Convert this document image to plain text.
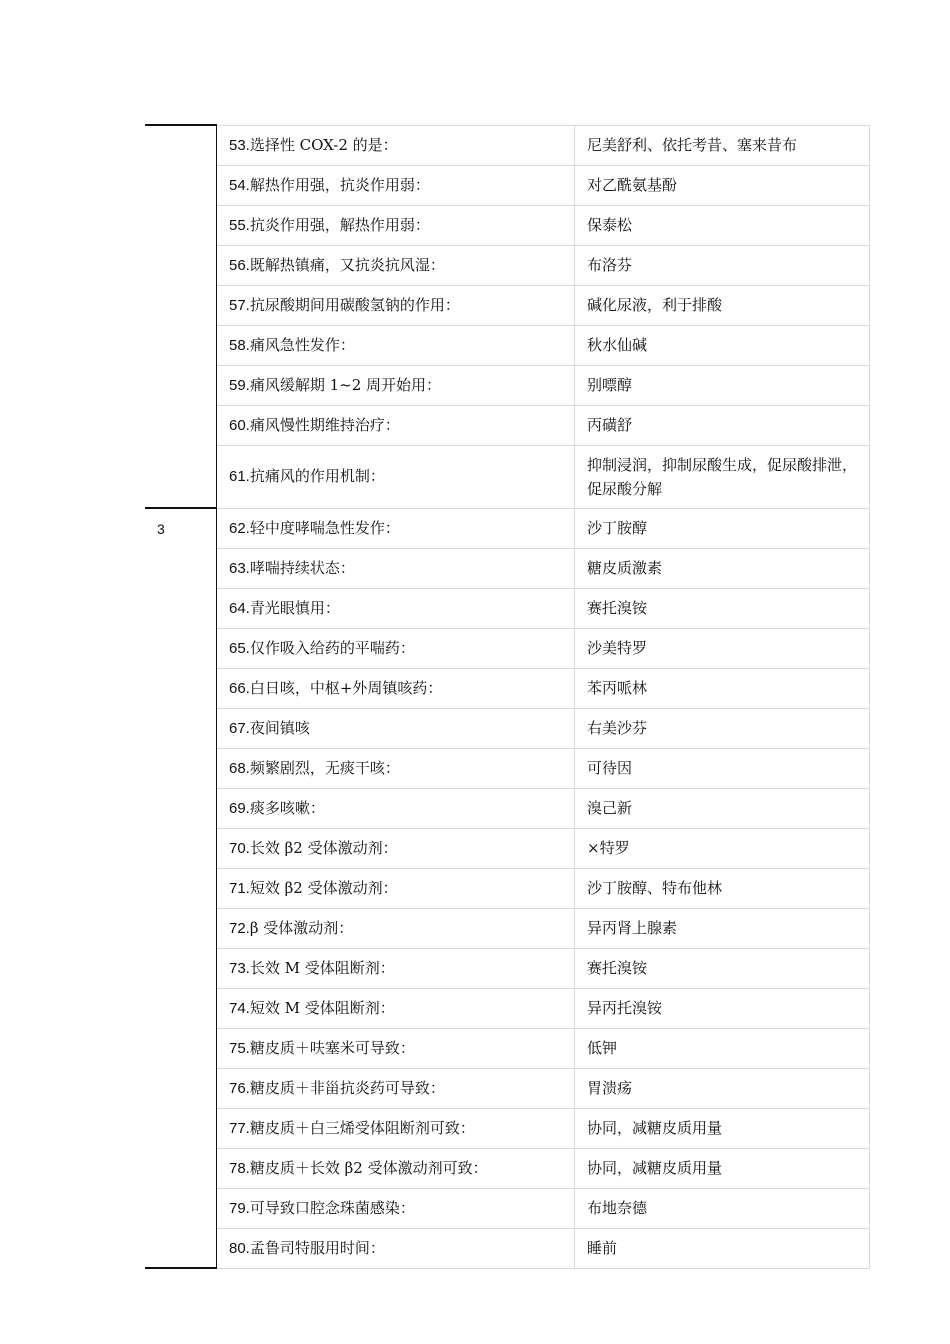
	53.选择性 COX-2 的是：	尼美舒利、依托考昔、塞来昔布
	54.解热作用强，抗炎作用弱：	对乙酰氨基酚
	55.抗炎作用强，解热作用弱：	保泰松
	56.既解热镇痛，又抗炎抗风湿：	布洛芬
	57.抗尿酸期间用碳酸氢钠的作用：	碱化尿液，利于排酸
	58.痛风急性发作：	秋水仙碱
	59.痛风缓解期 1~2 周开始用：	别嘌醇
	60.痛风慢性期维持治疗：	丙磺舒
	61.抗痛风的作用机制：	抑制浸润，抑制尿酸生成，促尿酸排泄，促尿酸分解
3	62.轻中度哮喘急性发作：	沙丁胺醇
	63.哮喘持续状态：	糖皮质激素
	64.青光眼慎用：	赛托溴铵
	65.仅作吸入给药的平喘药：	沙美特罗
	66.白日咳，中枢+外周镇咳药：	苯丙哌林
	67.夜间镇咳	右美沙芬
	68.频繁剧烈，无痰干咳：	可待因
	69.痰多咳嗽：	溴己新
	70.长效 β2 受体激动剂：	×特罗
	71.短效 β2 受体激动剂：	沙丁胺醇、特布他林
	72.β 受体激动剂：	异丙肾上腺素
	73.长效 M 受体阻断剂：	赛托溴铵
	74.短效 M 受体阻断剂：	异丙托溴铵
	75.糖皮质＋呋塞米可导致：	低钾
	76.糖皮质＋非甾抗炎药可导致：	胃溃疡
	77.糖皮质＋白三烯受体阻断剂可致：	协同，减糖皮质用量
	78.糖皮质＋长效 β2 受体激动剂可致：	协同，减糖皮质用量
	79.可导致口腔念珠菌感染：	布地奈德
	80.孟鲁司特服用时间：	睡前
